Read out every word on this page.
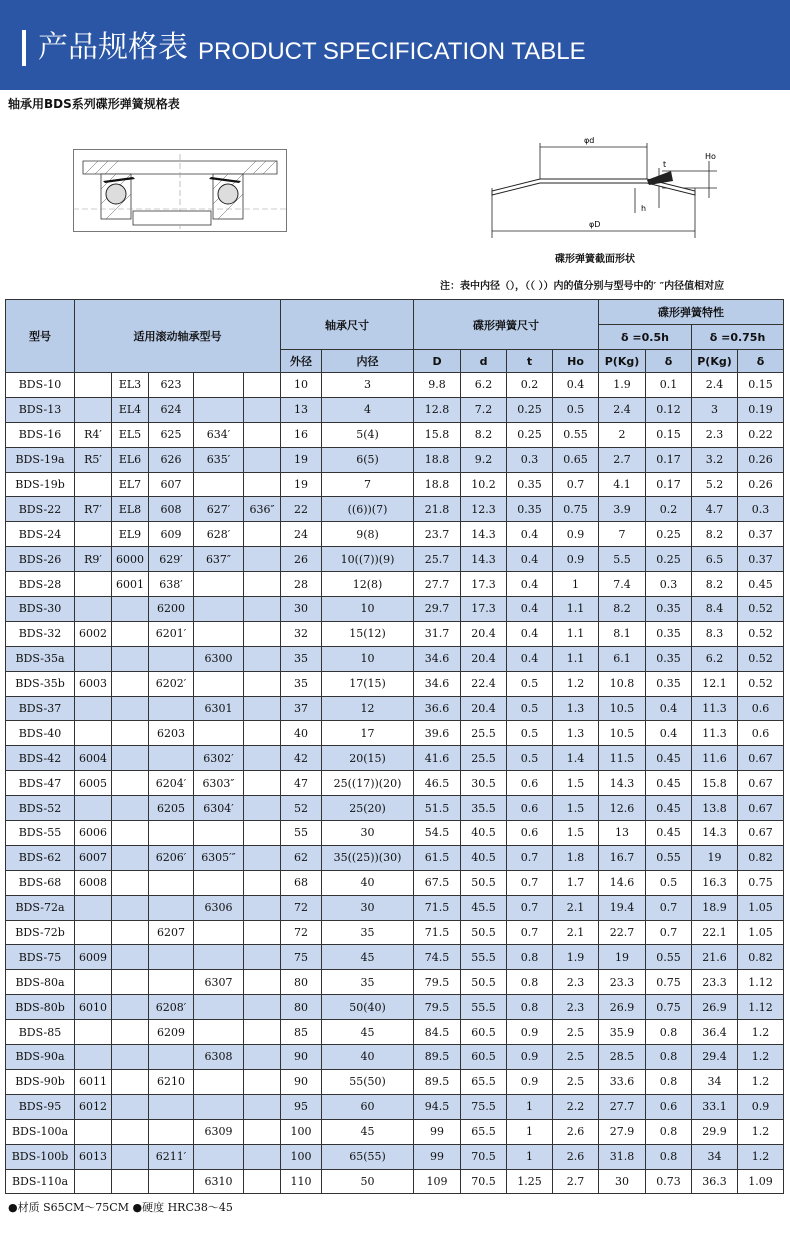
产品规格表 PRODUCT SPECIFICATION TABLE
轴承用BDS系列碟形弹簧规格表
φd
φD
t
Ho
h
碟形弹簧截面形状
注：表中内径（），（（ ））内的值分别与型号中的′ ″内径值相对应
型号	适用滚动轴承型号					轴承尺寸		碟形弹簧尺寸				碟形弹簧特性			
												δ =0.5h		δ =0.75h	
						外径	内径	D	d	t	Ho	P(Kg)	δ	P(Kg)	δ
BDS-10		EL3	623			10	3	9.8	6.2	0.2	0.4	1.9	0.1	2.4	0.15
BDS-13		EL4	624			13	4	12.8	7.2	0.25	0.5	2.4	0.12	3	0.19
BDS-16	R4′	EL5	625	634′		16	5(4)	15.8	8.2	0.25	0.55	2	0.15	2.3	0.22
BDS-19a	R5′	EL6	626	635′		19	6(5)	18.8	9.2	0.3	0.65	2.7	0.17	3.2	0.26
BDS-19b		EL7	607			19	7	18.8	10.2	0.35	0.7	4.1	0.17	5.2	0.26
BDS-22	R7′	EL8	608	627′	636″	22	((6))(7)	21.8	12.3	0.35	0.75	3.9	0.2	4.7	0.3
BDS-24		EL9	609	628′		24	9(8)	23.7	14.3	0.4	0.9	7	0.25	8.2	0.37
BDS-26	R9′	6000	629′	637″		26	10((7))(9)	25.7	14.3	0.4	0.9	5.5	0.25	6.5	0.37
BDS-28		6001	638′			28	12(8)	27.7	17.3	0.4	1	7.4	0.3	8.2	0.45
BDS-30			6200			30	10	29.7	17.3	0.4	1.1	8.2	0.35	8.4	0.52
BDS-32	6002		6201′			32	15(12)	31.7	20.4	0.4	1.1	8.1	0.35	8.3	0.52
BDS-35a				6300		35	10	34.6	20.4	0.4	1.1	6.1	0.35	6.2	0.52
BDS-35b	6003		6202′			35	17(15)	34.6	22.4	0.5	1.2	10.8	0.35	12.1	0.52
BDS-37				6301		37	12	36.6	20.4	0.5	1.3	10.5	0.4	11.3	0.6
BDS-40			6203			40	17	39.6	25.5	0.5	1.3	10.5	0.4	11.3	0.6
BDS-42	6004			6302′		42	20(15)	41.6	25.5	0.5	1.4	11.5	0.45	11.6	0.67
BDS-47	6005		6204′	6303″		47	25((17))(20)	46.5	30.5	0.6	1.5	14.3	0.45	15.8	0.67
BDS-52			6205	6304′		52	25(20)	51.5	35.5	0.6	1.5	12.6	0.45	13.8	0.67
BDS-55	6006					55	30	54.5	40.5	0.6	1.5	13	0.45	14.3	0.67
BDS-62	6007		6206′	6305′″		62	35((25))(30)	61.5	40.5	0.7	1.8	16.7	0.55	19	0.82
BDS-68	6008					68	40	67.5	50.5	0.7	1.7	14.6	0.5	16.3	0.75
BDS-72a				6306		72	30	71.5	45.5	0.7	2.1	19.4	0.7	18.9	1.05
BDS-72b			6207			72	35	71.5	50.5	0.7	2.1	22.7	0.7	22.1	1.05
BDS-75	6009					75	45	74.5	55.5	0.8	1.9	19	0.55	21.6	0.82
BDS-80a				6307		80	35	79.5	50.5	0.8	2.3	23.3	0.75	23.3	1.12
BDS-80b	6010		6208′			80	50(40)	79.5	55.5	0.8	2.3	26.9	0.75	26.9	1.12
BDS-85			6209			85	45	84.5	60.5	0.9	2.5	35.9	0.8	36.4	1.2
BDS-90a				6308		90	40	89.5	60.5	0.9	2.5	28.5	0.8	29.4	1.2
BDS-90b	6011		6210			90	55(50)	89.5	65.5	0.9	2.5	33.6	0.8	34	1.2
BDS-95	6012					95	60	94.5	75.5	1	2.2	27.7	0.6	33.1	0.9
BDS-100a				6309		100	45	99	65.5	1	2.6	27.9	0.8	29.9	1.2
BDS-100b	6013		6211′			100	65(55)	99	70.5	1	2.6	31.8	0.8	34	1.2
BDS-110a				6310		110	50	109	70.5	1.25	2.7	30	0.73	36.3	1.09
●材质 S65CM～75CM ●硬度 HRC38～45
